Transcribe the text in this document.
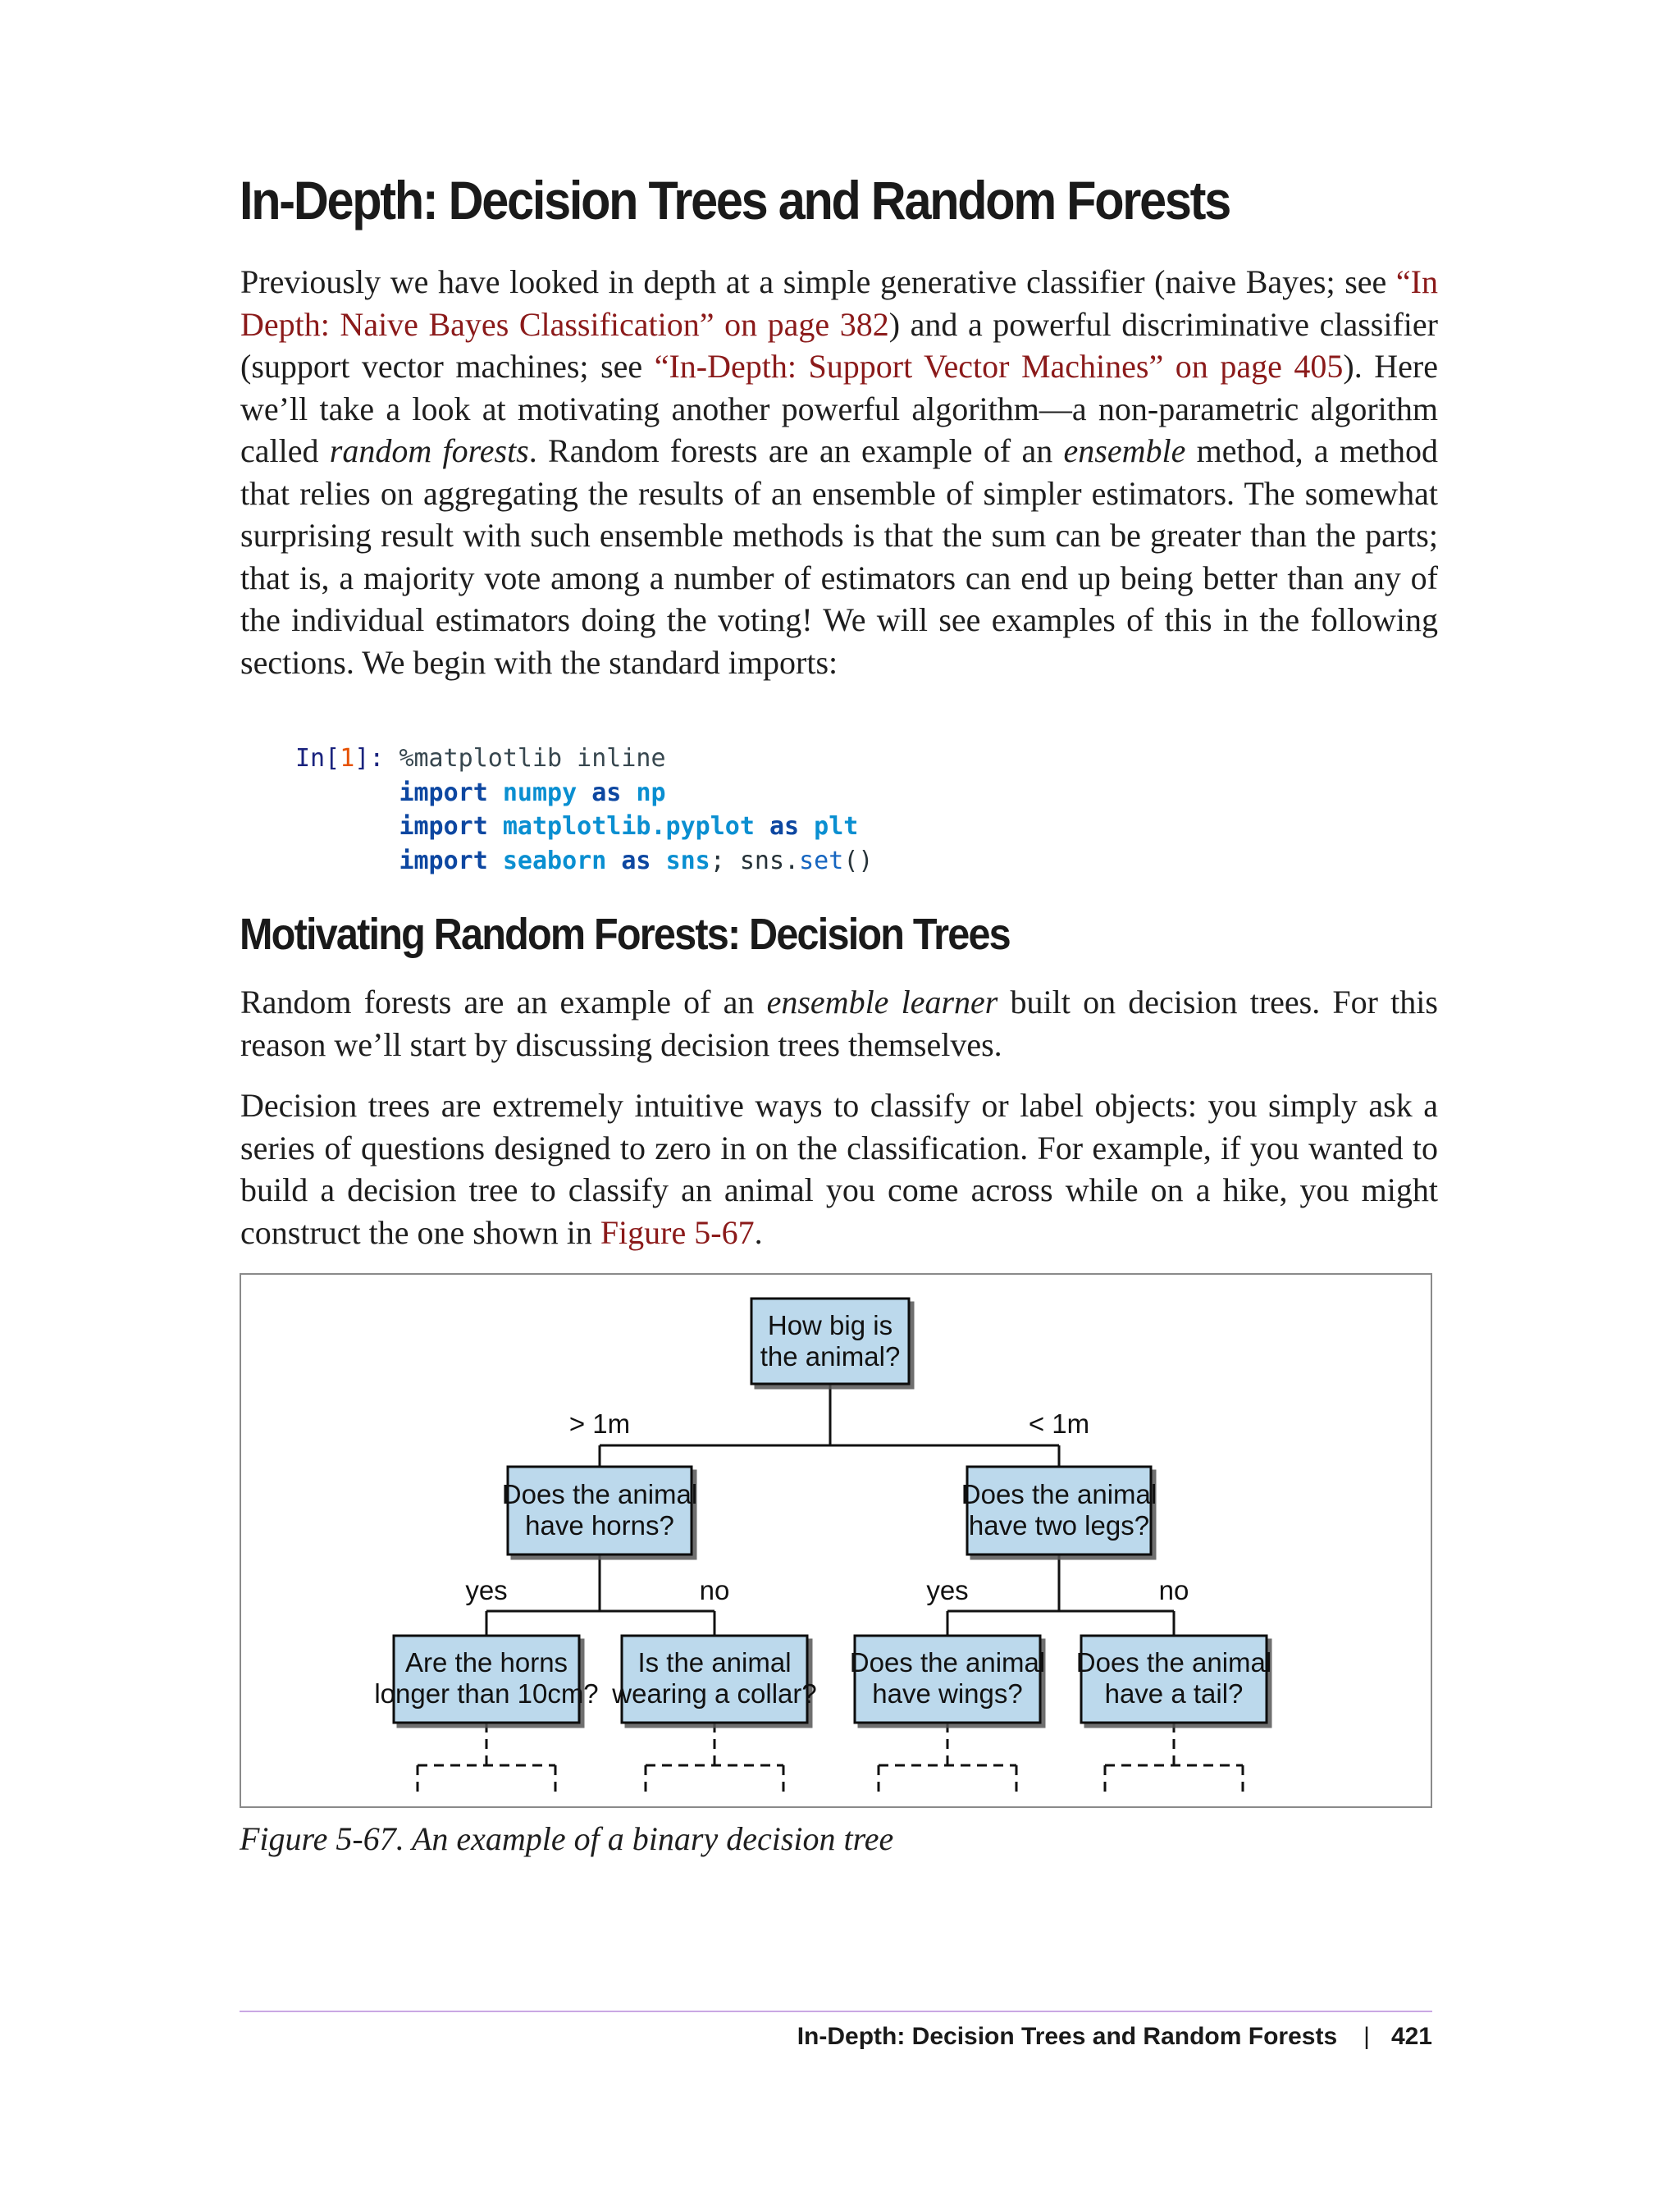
In-Depth: Decision Trees and Random Forests

Previously we have looked in depth at a simple generative classifier (naive Bayes; see “In Depth: Naive Bayes Classification” on page 382) and a powerful discriminative classifier (support vector machines; see “In-Depth: Support Vector Machines” on page 405). Here we’ll take a look at motivating another powerful algorithm—a non-parametric algorithm called random forests. Random forests are an example of an ensemble method, a method that relies on aggregating the results of an ensemble of simpler estimators. The somewhat surprising result with such ensemble methods is that the sum can be greater than the parts; that is, a majority vote among a number of estimators can end up being better than any of the individual estimators doing the voting! We will see examples of this in the following sections. We begin with the standard imports:

In[1]: %matplotlib inline
import numpy as np
import matplotlib.pyplot as plt
import seaborn as sns; sns.set()
Motivating Random Forests: Decision Trees

Random forests are an example of an ensemble learner built on decision trees. For this reason we’ll start by discussing decision trees themselves.

Decision trees are extremely intuitive ways to classify or label objects: you simply ask a series of questions designed to zero in on the classification. For example, if you wanted to build a decision tree to classify an animal you come across while on a hike, you might construct the one shown in Figure 5-67.

> 1m	< 1m
yes	no	yes	no
How big is
the animal?
Does the animal
have horns?
Does the animal
have two legs?
Are the horns
longer than 10cm?
Is the animal
wearing a collar?
Does the animal
have wings?
Does the animal
have a tail?

Figure 5-67. An example of a binary decision tree

In-Depth: Decision Trees and Random Forests | 421
